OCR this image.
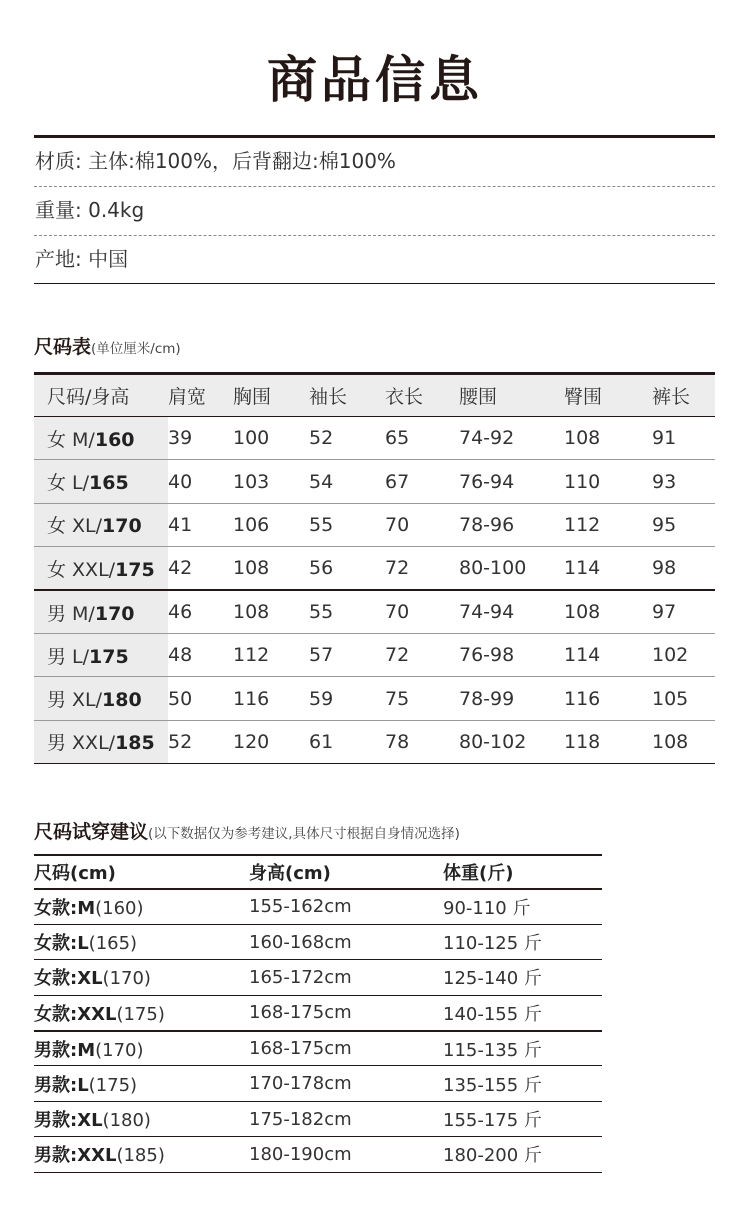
商品信息
材质: 主体:棉100%，后背翻边:棉100%
重量: 0.4kg
产地: 中国
尺码表(单位厘米/cm)
尺码/身高	肩宽	胸围	袖长	衣长	腰围	臀围	裤长
女 M/160	39	100	52	65	74-92	108	91
女 L/165	40	103	54	67	76-94	110	93
女 XL/170	41	106	55	70	78-96	112	95
女 XXL/175	42	108	56	72	80-100	114	98
男 M/170	46	108	55	70	74-94	108	97
男 L/175	48	112	57	72	76-98	114	102
男 XL/180	50	116	59	75	78-99	116	105
男 XXL/185	52	120	61	78	80-102	118	108
尺码试穿建议(以下数据仅为参考建议,具体尺寸根据自身情况选择)
尺码(cm)	身高(cm)	体重(斤)
女款:M(160)	155-162cm	90-110 斤
女款:L(165)	160-168cm	110-125 斤
女款:XL(170)	165-172cm	125-140 斤
女款:XXL(175)	168-175cm	140-155 斤
男款:M(170)	168-175cm	115-135 斤
男款:L(175)	170-178cm	135-155 斤
男款:XL(180)	175-182cm	155-175 斤
男款:XXL(185)	180-190cm	180-200 斤
